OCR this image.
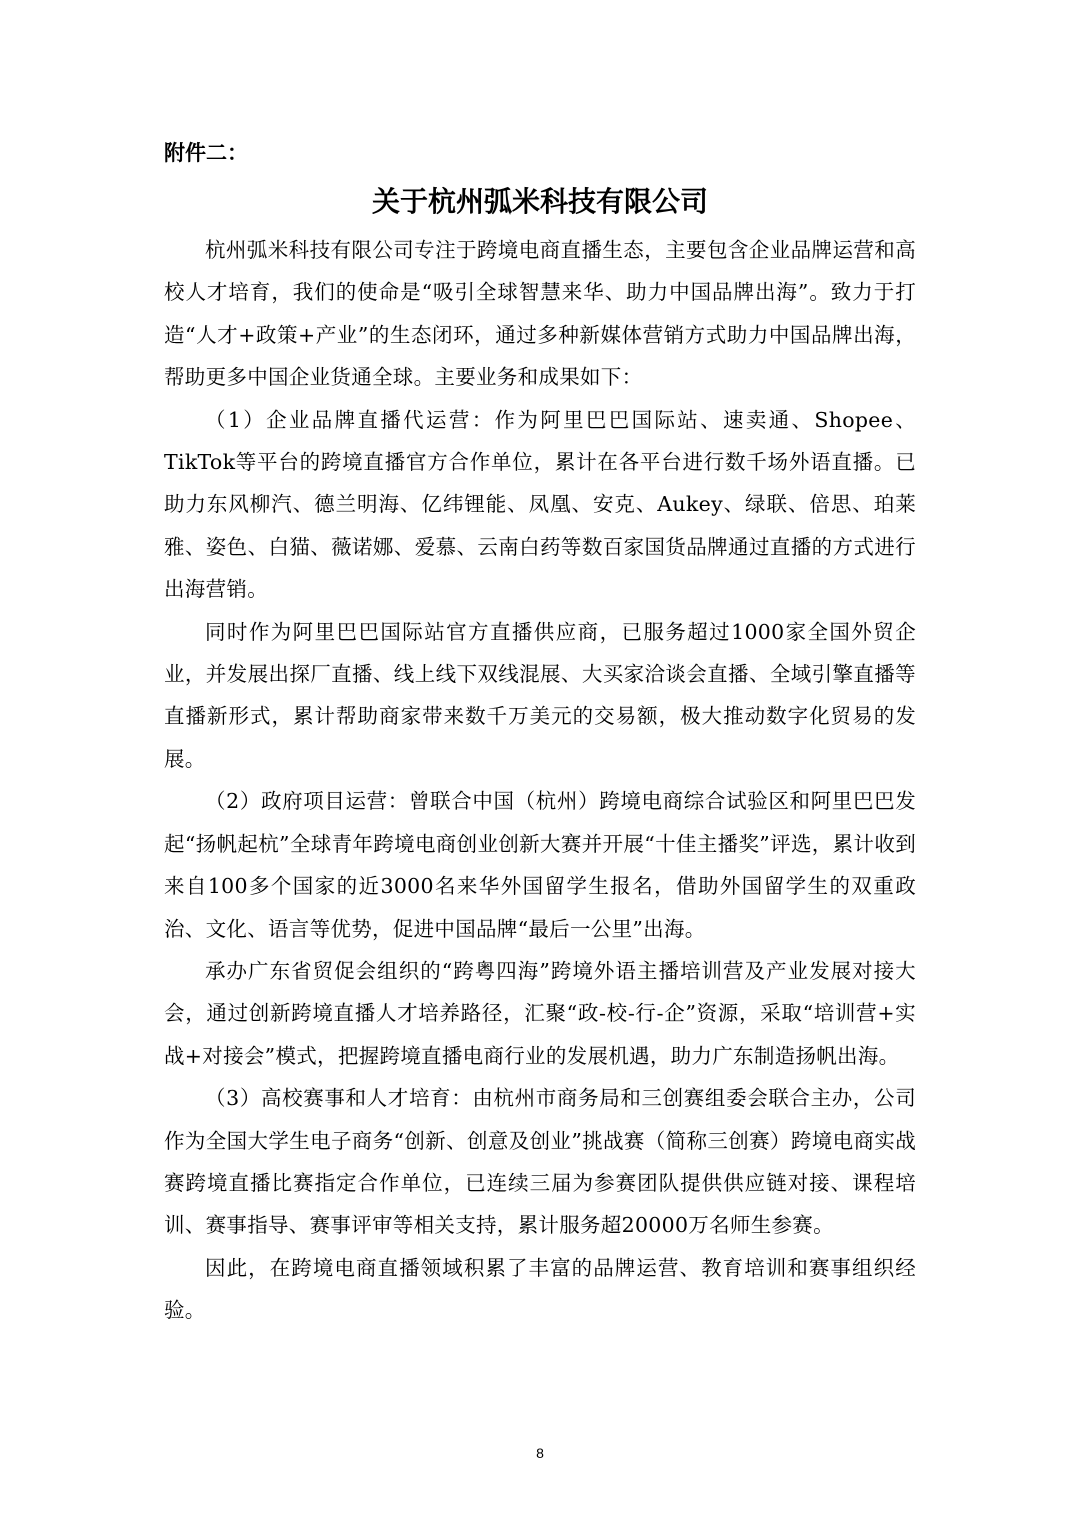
附件二：

关于杭州弧米科技有限公司

杭州弧米科技有限公司专注于跨境电商直播生态，主要包含企业品牌运营和高校人才培育，我们的使命是“吸引全球智慧来华、助力中国品牌出海”。致力于打造“人才+政策+产业”的生态闭环，通过多种新媒体营销方式助力中国品牌出海，帮助更多中国企业货通全球。主要业务和成果如下：

（1）企业品牌直播代运营：作为阿里巴巴国际站、速卖通、Shopee、TikTok等平台的跨境直播官方合作单位，累计在各平台进行数千场外语直播。已助力东风柳汽、德兰明海、亿纬锂能、凤凰、安克、Aukey、绿联、倍思、珀莱雅、姿色、白猫、薇诺娜、爱慕、云南白药等数百家国货品牌通过直播的方式进行出海营销。

同时作为阿里巴巴国际站官方直播供应商，已服务超过1000家全国外贸企业，并发展出探厂直播、线上线下双线混展、大买家洽谈会直播、全域引擎直播等直播新形式，累计帮助商家带来数千万美元的交易额，极大推动数字化贸易的发展。

（2）政府项目运营：曾联合中国（杭州）跨境电商综合试验区和阿里巴巴发起“扬帆起杭”全球青年跨境电商创业创新大赛并开展“十佳主播奖”评选，累计收到来自100多个国家的近3000名来华外国留学生报名，借助外国留学生的双重政治、文化、语言等优势，促进中国品牌“最后一公里”出海。

承办广东省贸促会组织的“跨粤四海”跨境外语主播培训营及产业发展对接大会，通过创新跨境直播人才培养路径，汇聚“政-校-行-企”资源，采取“培训营+实战+对接会”模式，把握跨境直播电商行业的发展机遇，助力广东制造扬帆出海。

（3）高校赛事和人才培育：由杭州市商务局和三创赛组委会联合主办，公司作为全国大学生电子商务“创新、创意及创业”挑战赛（简称三创赛）跨境电商实战赛跨境直播比赛指定合作单位，已连续三届为参赛团队提供供应链对接、课程培训、赛事指导、赛事评审等相关支持，累计服务超20000万名师生参赛。

因此，在跨境电商直播领域积累了丰富的品牌运营、教育培训和赛事组织经验。

8
